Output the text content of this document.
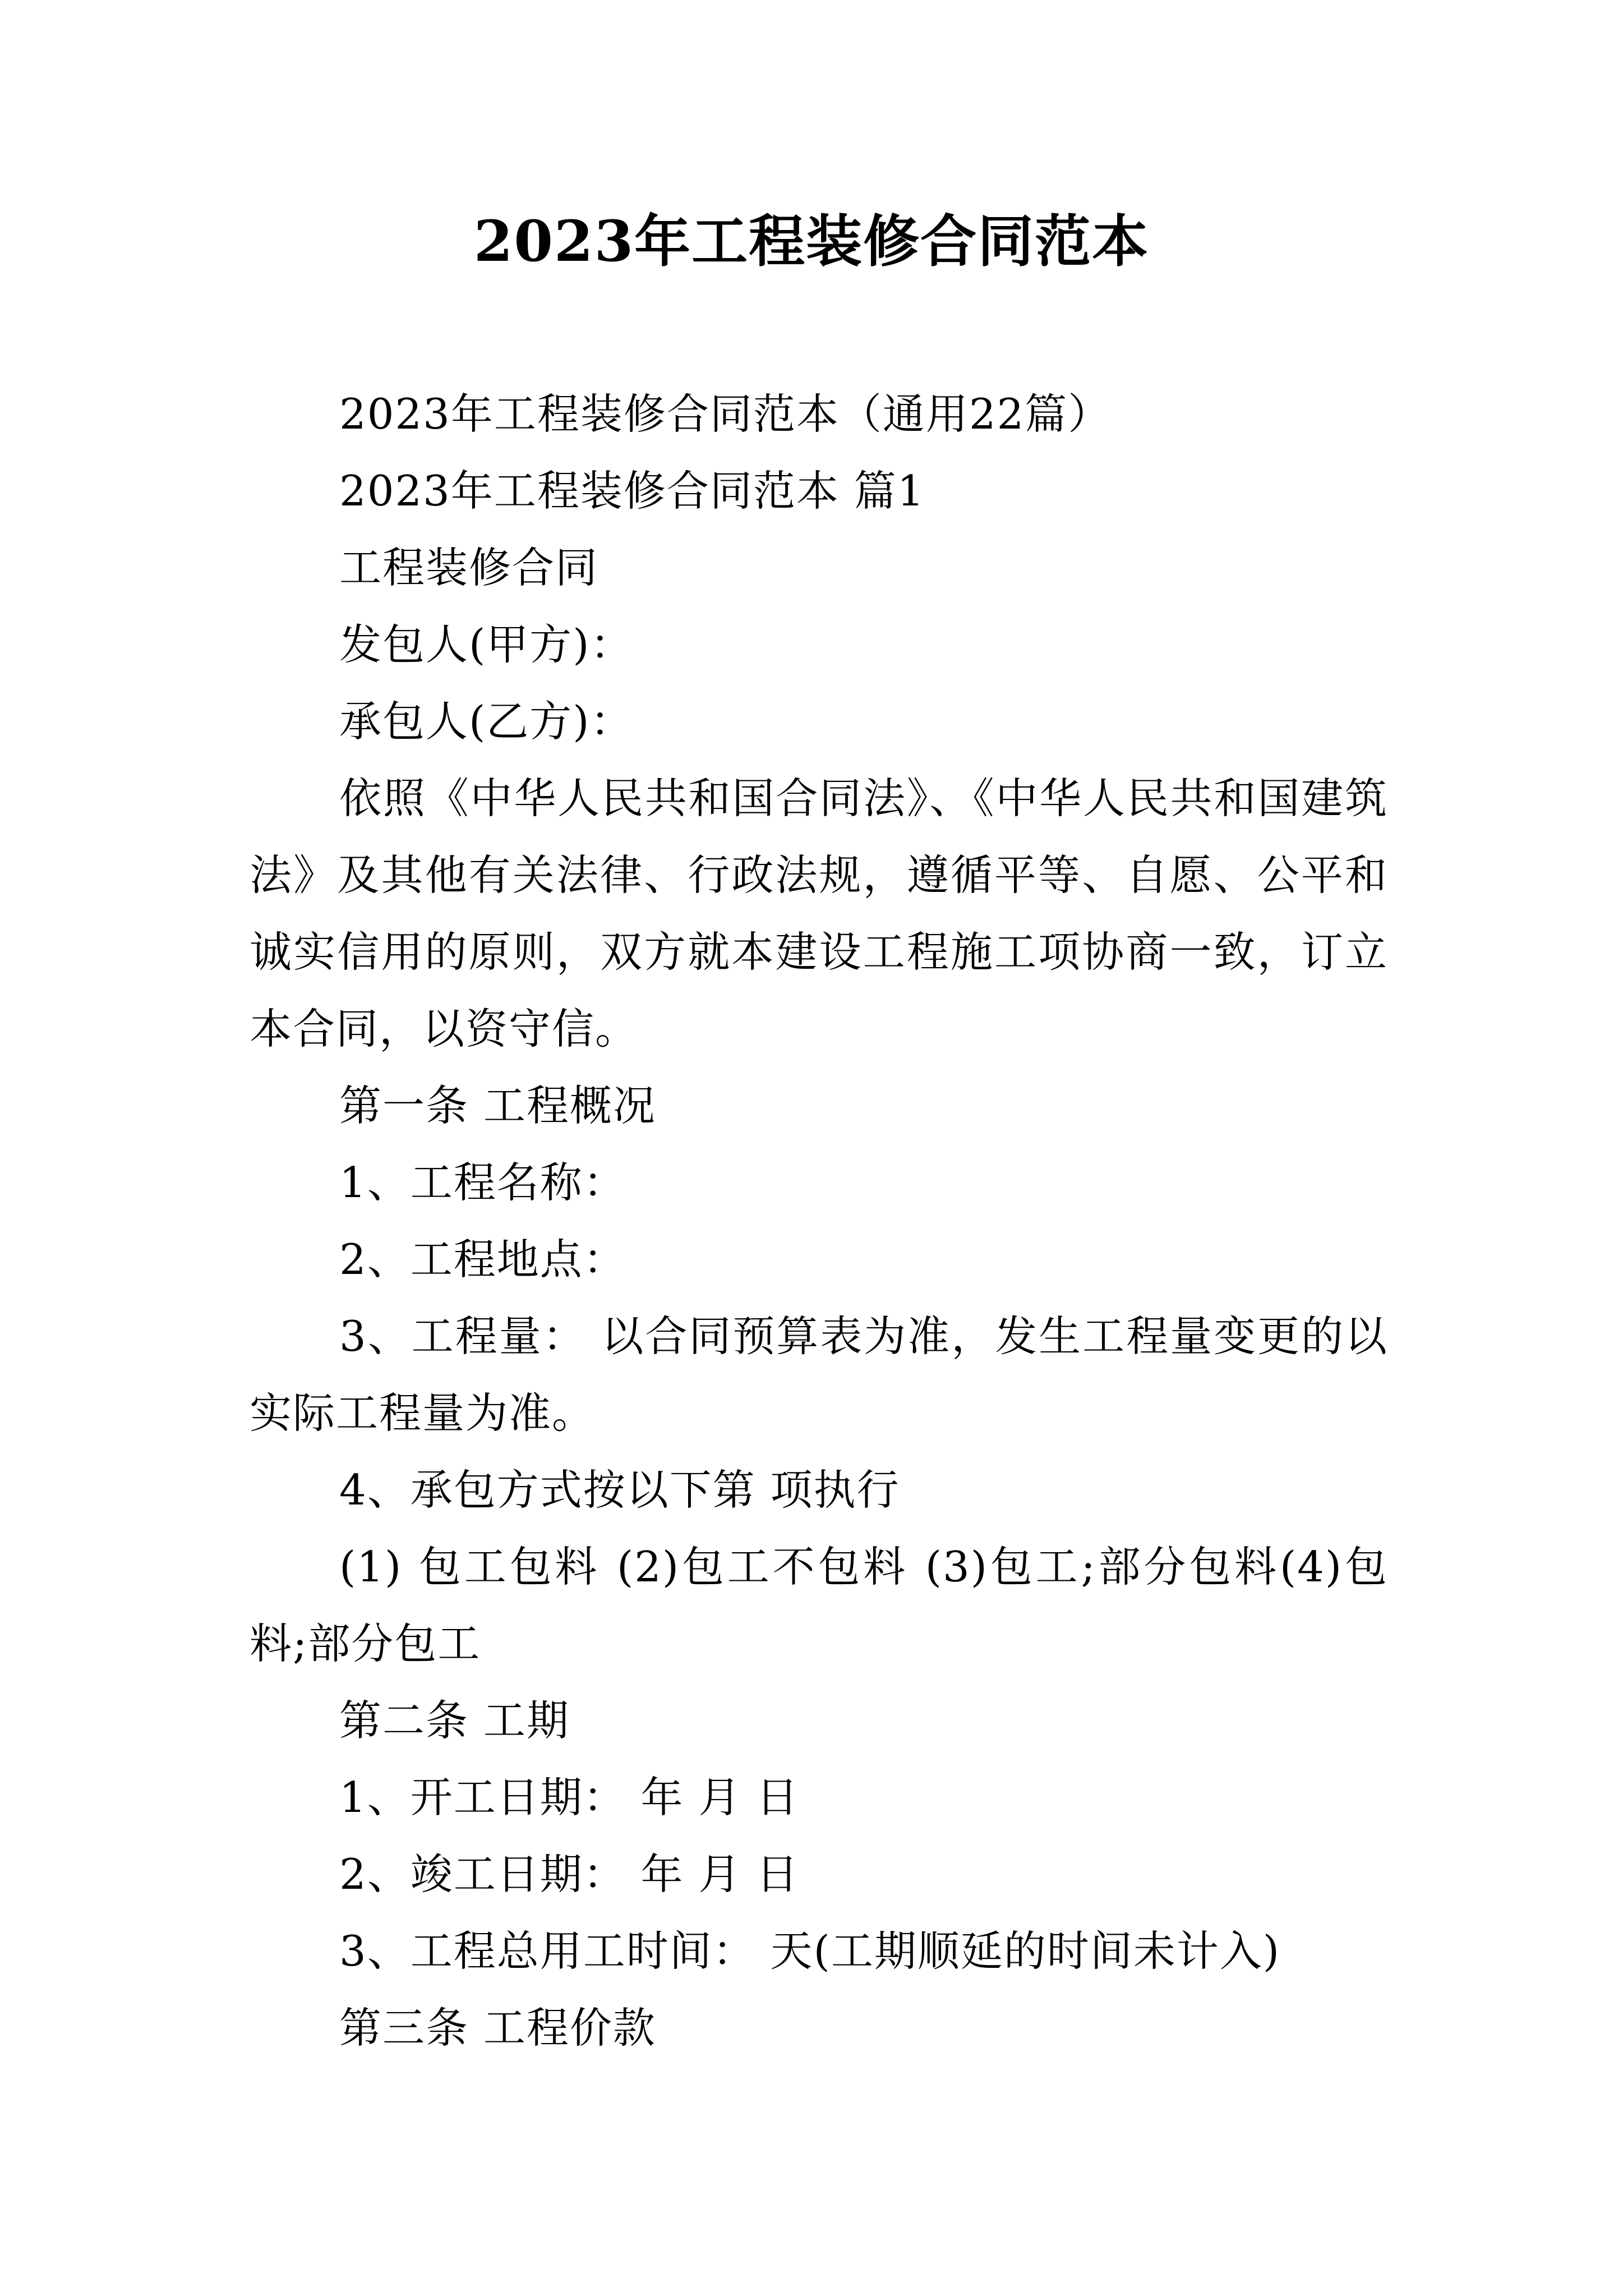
2023年工程装修合同范本

2023年工程装修合同范本（通用22篇）

2023年工程装修合同范本 篇1

工程装修合同

发包人(甲方)：

承包人(乙方)：

依照《中华人民共和国合同法》、《中华人民共和国建筑法》及其他有关法律、行政法规，遵循平等、自愿、公平和诚实信用的原则，双方就本建设工程施工项协商一致，订立本合同，以资守信。

第一条 工程概况

1、工程名称：

2、工程地点：

3、工程量： 以合同预算表为准，发生工程量变更的以实际工程量为准。

4、承包方式按以下第 项执行

(1) 包工包料 (2)包工不包料 (3)包工;部分包料(4)包料;部分包工

第二条 工期

1、开工日期： 年 月 日

2、竣工日期： 年 月 日

3、工程总用工时间： 天(工期顺延的时间未计入)

第三条 工程价款
